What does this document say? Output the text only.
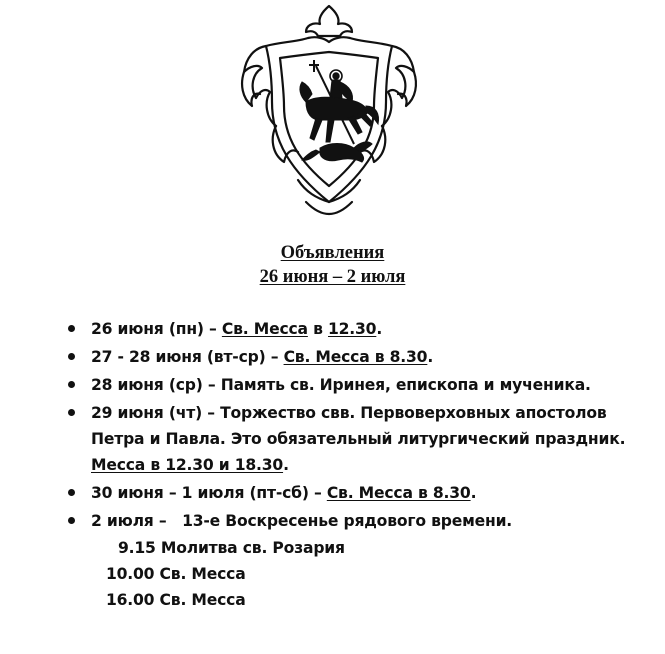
Объявления
26 июня – 2 июля
26 июня (пн) – Св. Месса в 12.30.
27 - 28 июня (вт-ср) – Св. Месса в 8.30.
28 июня (ср) – Память св. Иринея, епископа и мученика.
29 июня (чт) – Торжество свв. Первоверховных апостолов
Петра и Павла. Это обязательный литургический праздник.
Месса в 12.30 и 18.30.
30 июня – 1 июля (пт-сб) – Св. Месса в 8.30.
2 июля –   13-е Воскресенье рядового времени.
9.15 Молитва св. Розария
10.00 Св. Месса
16.00 Св. Месса
